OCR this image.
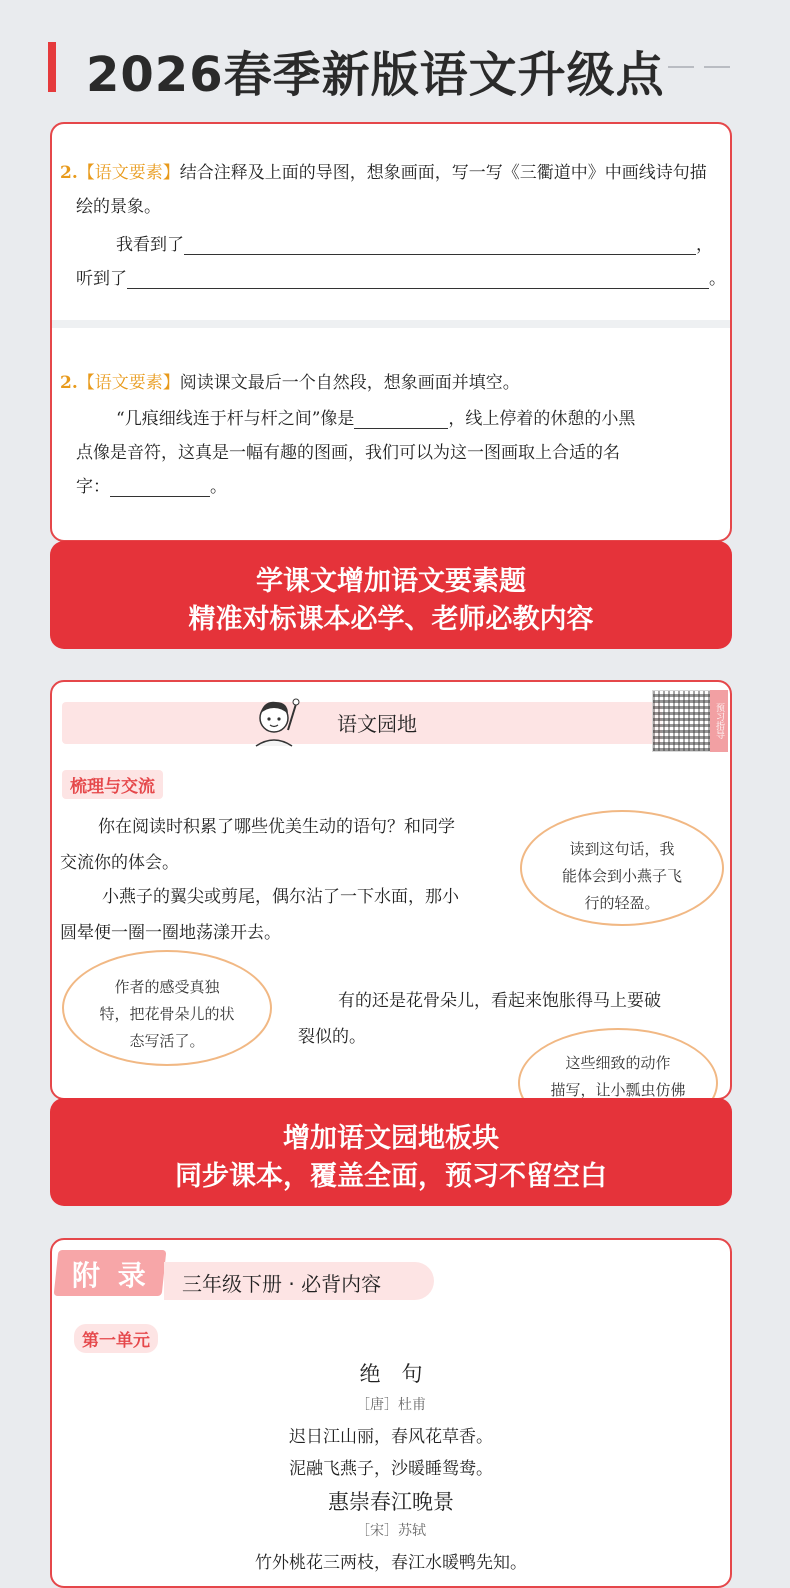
2026春季新版语文升级点
2.【语文要素】结合注释及上面的导图，想象画面，写一写《三衢道中》中画线诗句描
绘的景象。
我看到了	，
听到了	。
2.【语文要素】阅读课文最后一个自然段，想象画面并填空。
“几痕细线连于杆与杆之间”像是	，线上停着的休憩的小黑
点像是音符，这真是一幅有趣的图画，我们可以为这一图画取上合适的名
字：	。
学课文增加语文要素题
精准对标课本必学、老师必教内容
语文园地	预习指导
梳理与交流
你在阅读时积累了哪些优美生动的语句？和同学
交流你的体会。
小燕子的翼尖或剪尾，偶尔沾了一下水面，那小
圆晕便一圈一圈地荡漾开去。
读到这句话，我
能体会到小燕子飞
行的轻盈。
作者的感受真独
特，把花骨朵儿的状
态写活了。
有的还是花骨朵儿，看起来饱胀得马上要破
裂似的。
这些细致的动作
描写，让小瓢虫仿佛
增加语文园地板块
同步课本，覆盖全面，预习不留空白
附 录 三年级下册 · 必背内容
第一单元
绝　句
［唐］杜甫
迟日江山丽，春风花草香。
泥融飞燕子，沙暖睡鸳鸯。
惠崇春江晚景
［宋］苏轼
竹外桃花三两枝，春江水暖鸭先知。
